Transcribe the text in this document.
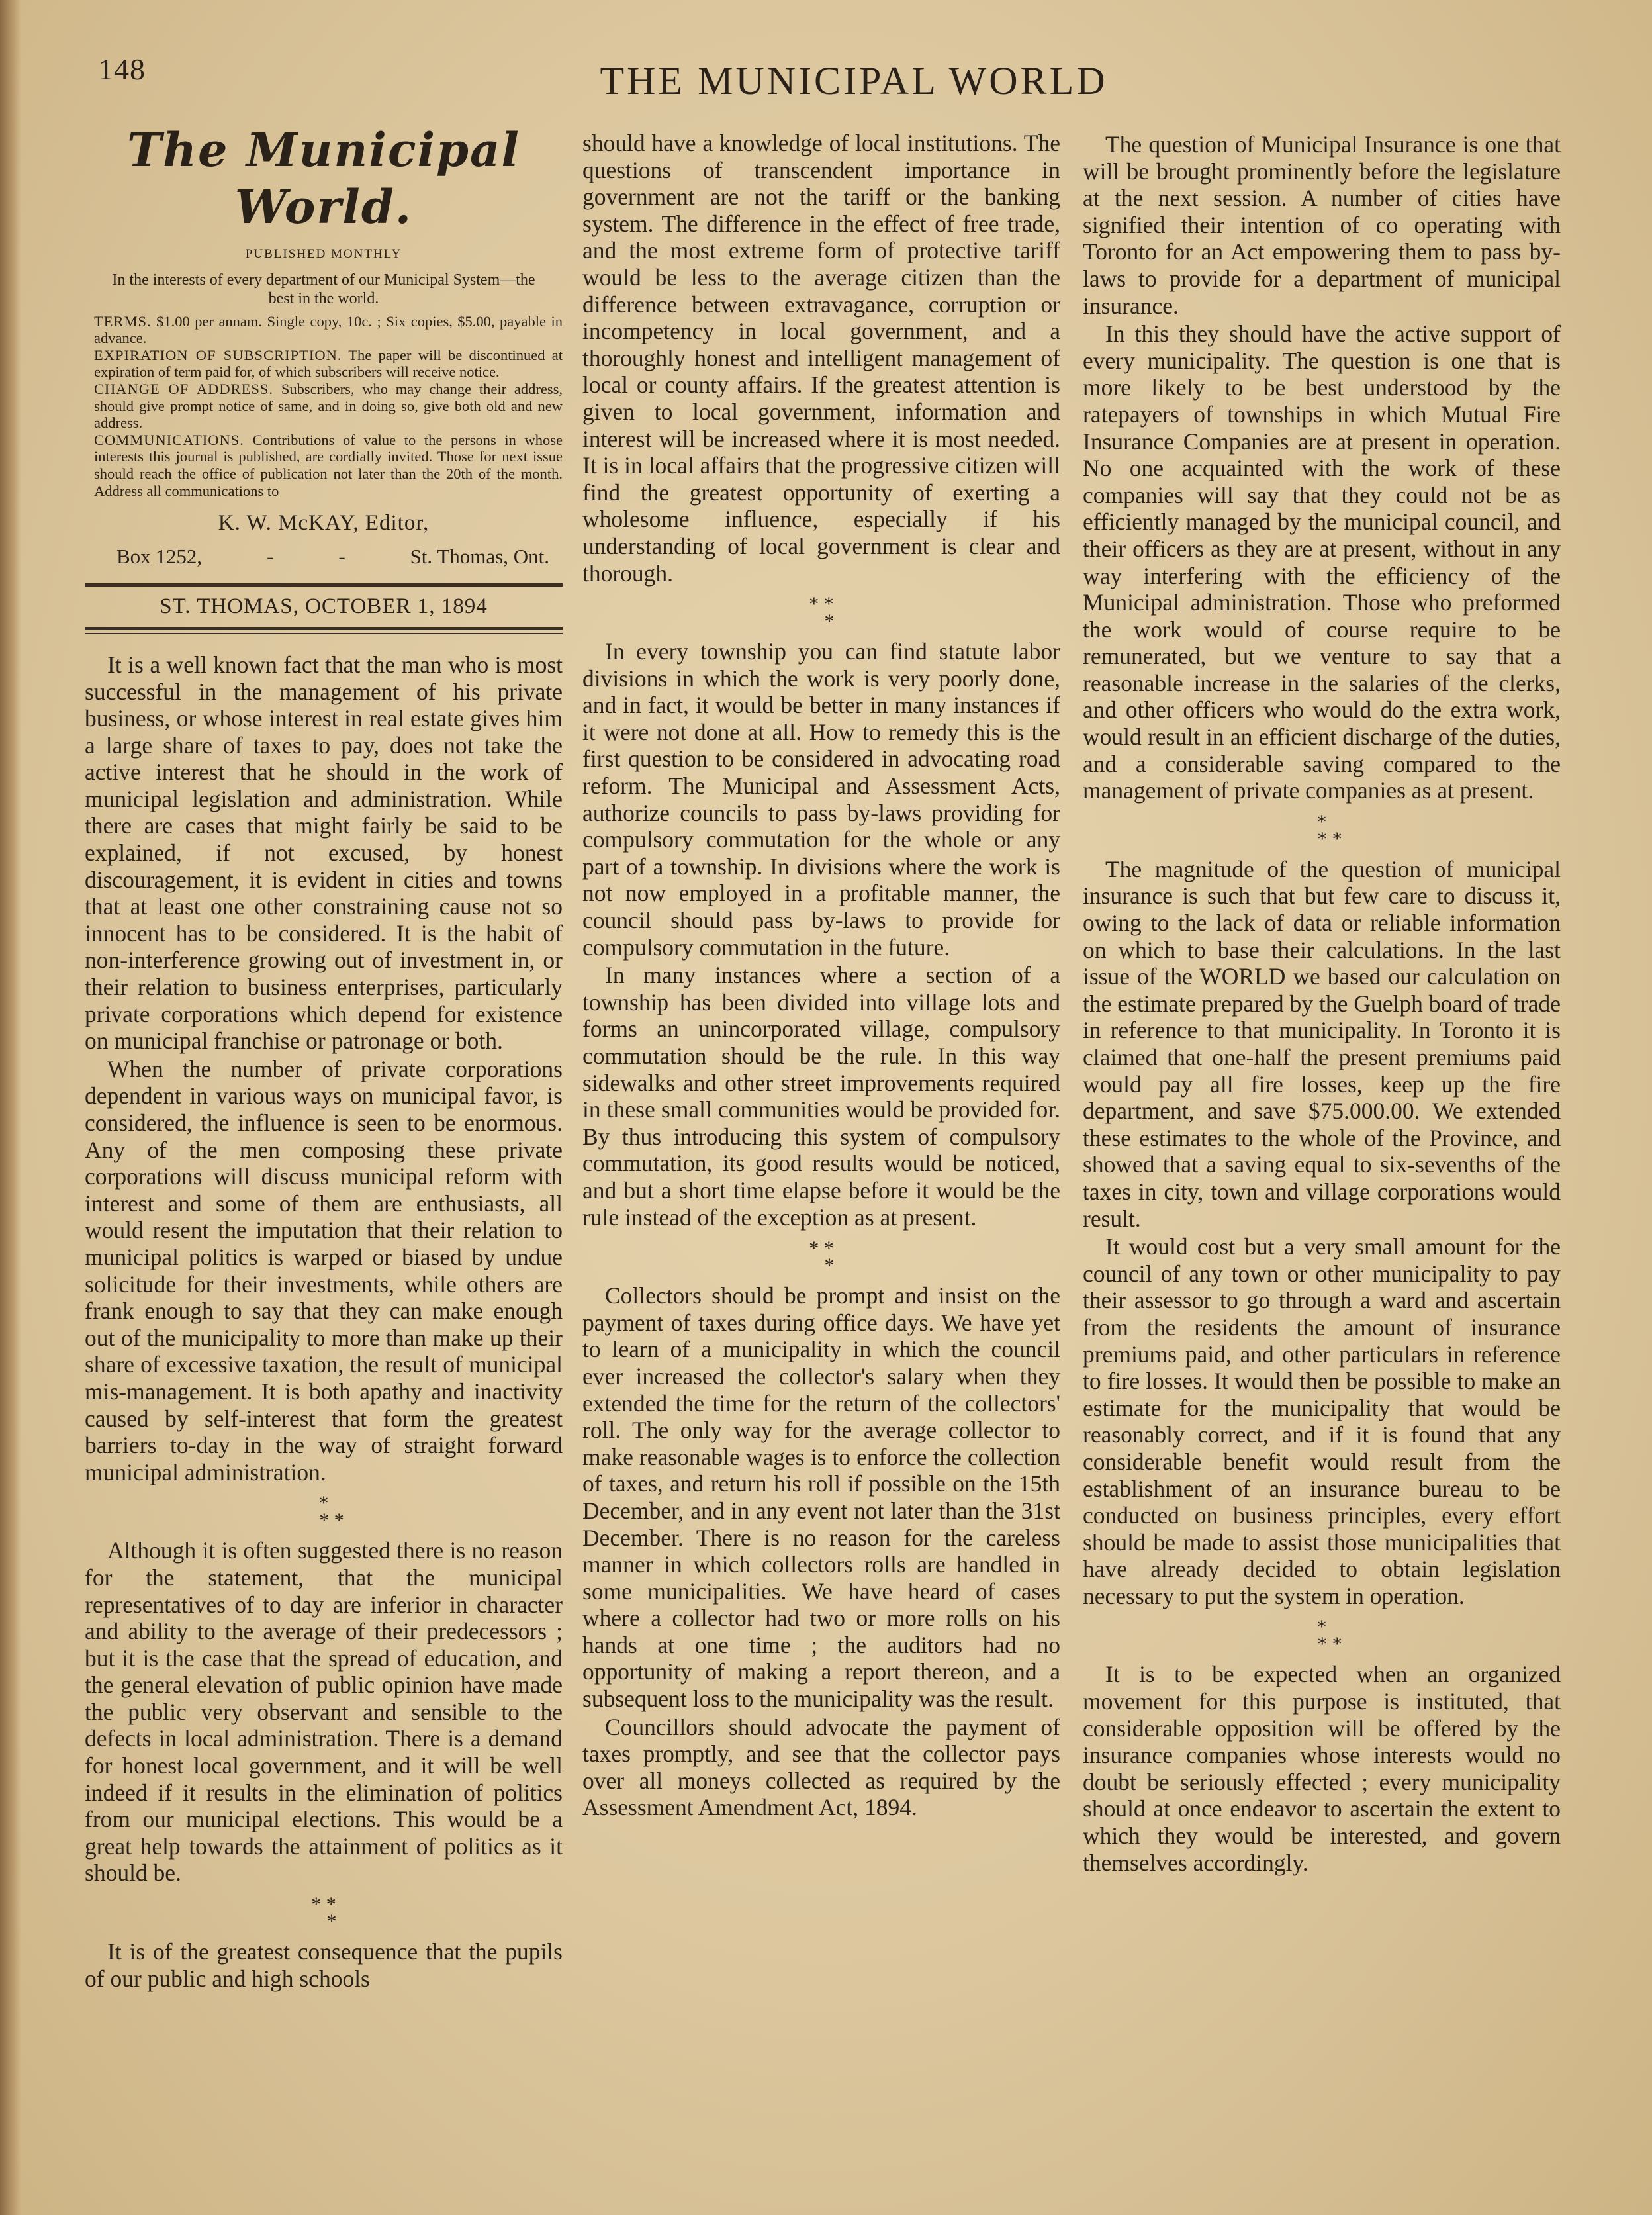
148	THE MUNICIPAL WORLD
The Municipal World.
PUBLISHED MONTHLY
In the interests of every department of our Municipal System—the best in the world.
TERMS. $1.00 per annam. Single copy, 10c. ; Six copies, $5.00, payable in advance.
EXPIRATION OF SUBSCRIPTION. The paper will be discontinued at expiration of term paid for, of which subscribers will receive notice.
CHANGE OF ADDRESS. Subscribers, who may change their address, should give prompt notice of same, and in doing so, give both old and new address.
COMMUNICATIONS. Contributions of value to the persons in whose interests this journal is published, are cordially invited. Those for next issue should reach the office of publication not later than the 20th of the month. Address all communications to
K. W. McKAY, Editor,
Box 1252,	-	-	St. Thomas, Ont.
ST. THOMAS, OCTOBER 1, 1894

It is a well known fact that the man who is most successful in the management of his private business, or whose interest in real estate gives him a large share of taxes to pay, does not take the active interest that he should in the work of municipal legislation and administration. While there are cases that might fairly be said to be explained, if not excused, by honest discouragement, it is evident in cities and towns that at least one other constraining cause not so innocent has to be considered. It is the habit of non-interference growing out of investment in, or their relation to business enterprises, particularly private corporations which depend for existence on municipal franchise or patronage or both.

When the number of private corporations dependent in various ways on municipal favor, is considered, the influence is seen to be enormous. Any of the men composing these private corporations will discuss municipal reform with interest and some of them are enthusiasts, all would resent the imputation that their relation to municipal politics is warped or biased by undue solicitude for their investments, while others are frank enough to say that they can make enough out of the municipality to more than make up their share of excessive taxation, the result of municipal mis-management. It is both apathy and inactivity caused by self-interest that form the greatest barriers to-day in the way of straight forward municipal administration.

*
* *

Although it is often suggested there is no reason for the statement, that the municipal representatives of to day are inferior in character and ability to the average of their predecessors ; but it is the case that the spread of education, and the general elevation of public opinion have made the public very observant and sensible to the defects in local administration. There is a demand for honest local government, and it will be well indeed if it results in the elimination of politics from our municipal elections. This would be a great help towards the attainment of politics as it should be.

* *
*

It is of the greatest consequence that the pupils of our public and high schools

should have a knowledge of local institutions. The questions of transcendent importance in government are not the tariff or the banking system. The difference in the effect of free trade, and the most extreme form of protective tariff would be less to the average citizen than the difference between extravagance, corruption or incompetency in local government, and a thoroughly honest and intelligent management of local or county affairs. If the greatest attention is given to local government, information and interest will be increased where it is most needed. It is in local affairs that the progressive citizen will find the greatest opportunity of exerting a wholesome influence, especially if his understanding of local government is clear and thorough.

* *
*

In every township you can find statute labor divisions in which the work is very poorly done, and in fact, it would be better in many instances if it were not done at all. How to remedy this is the first question to be considered in advocating road reform. The Municipal and Assessment Acts, authorize councils to pass by-laws providing for compulsory commutation for the whole or any part of a township. In divisions where the work is not now employed in a profitable manner, the council should pass by-laws to provide for compulsory commutation in the future.

In many instances where a section of a township has been divided into village lots and forms an unincorporated village, compulsory commutation should be the rule. In this way sidewalks and other street improvements required in these small communities would be provided for. By thus introducing this system of compulsory commutation, its good results would be noticed, and but a short time elapse before it would be the rule instead of the exception as at present.

* *
*

Collectors should be prompt and insist on the payment of taxes during office days. We have yet to learn of a municipality in which the council ever increased the collector's salary when they extended the time for the return of the collectors' roll. The only way for the average collector to make reasonable wages is to enforce the collection of taxes, and return his roll if possible on the 15th December, and in any event not later than the 31st December. There is no reason for the careless manner in which collectors rolls are handled in some municipalities. We have heard of cases where a collector had two or more rolls on his hands at one time ; the auditors had no opportunity of making a report thereon, and a subsequent loss to the municipality was the result.

Councillors should advocate the payment of taxes promptly, and see that the collector pays over all moneys collected as required by the Assessment Amendment Act, 1894.

The question of Municipal Insurance is one that will be brought prominently before the legislature at the next session. A number of cities have signified their intention of co operating with Toronto for an Act empowering them to pass by-laws to provide for a department of municipal insurance.

In this they should have the active support of every municipality. The question is one that is more likely to be best understood by the ratepayers of townships in which Mutual Fire Insurance Companies are at present in operation. No one acquainted with the work of these companies will say that they could not be as efficiently managed by the municipal council, and their officers as they are at present, without in any way interfering with the efficiency of the Municipal administration. Those who preformed the work would of course require to be remunerated, but we venture to say that a reasonable increase in the salaries of the clerks, and other officers who would do the extra work, would result in an efficient discharge of the duties, and a considerable saving compared to the management of private companies as at present.

*
* *

The magnitude of the question of municipal insurance is such that but few care to discuss it, owing to the lack of data or reliable information on which to base their calculations. In the last issue of the WORLD we based our calculation on the estimate prepared by the Guelph board of trade in reference to that municipality. In Toronto it is claimed that one-half the present premiums paid would pay all fire losses, keep up the fire department, and save $75.000.00. We extended these estimates to the whole of the Province, and showed that a saving equal to six-sevenths of the taxes in city, town and village corporations would result.

It would cost but a very small amount for the council of any town or other municipality to pay their assessor to go through a ward and ascertain from the residents the amount of insurance premiums paid, and other particulars in reference to fire losses. It would then be possible to make an estimate for the municipality that would be reasonably correct, and if it is found that any considerable benefit would result from the establishment of an insurance bureau to be conducted on business principles, every effort should be made to assist those municipalities that have already decided to obtain legislation necessary to put the system in operation.

*
* *

It is to be expected when an organized movement for this purpose is instituted, that considerable opposition will be offered by the insurance companies whose interests would no doubt be seriously effected ; every municipality should at once endeavor to ascertain the extent to which they would be interested, and govern themselves accordingly.
